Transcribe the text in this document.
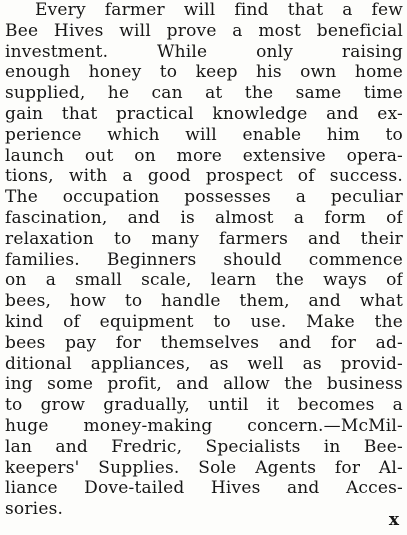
Every farmer will find that a few
Bee Hives will prove a most beneficial
investment. While only raising
enough honey to keep his own home
supplied, he can at the same time
gain that practical knowledge and ex-
perience which will enable him to
launch out on more extensive opera-
tions, with a good prospect of success.
The occupation possesses a peculiar
fascination, and is almost a form of
relaxation to many farmers and their
families. Beginners should commence
on a small scale, learn the ways of
bees, how to handle them, and what
kind of equipment to use. Make the
bees pay for themselves and for ad-
ditional appliances, as well as provid-
ing some profit, and allow the business
to grow gradually, until it becomes a
huge money-making concern.—McMil-
lan and Fredric, Specialists in Bee-
keepers' Supplies. Sole Agents for Al-
liance Dove-tailed Hives and Acces-
sories.
x
